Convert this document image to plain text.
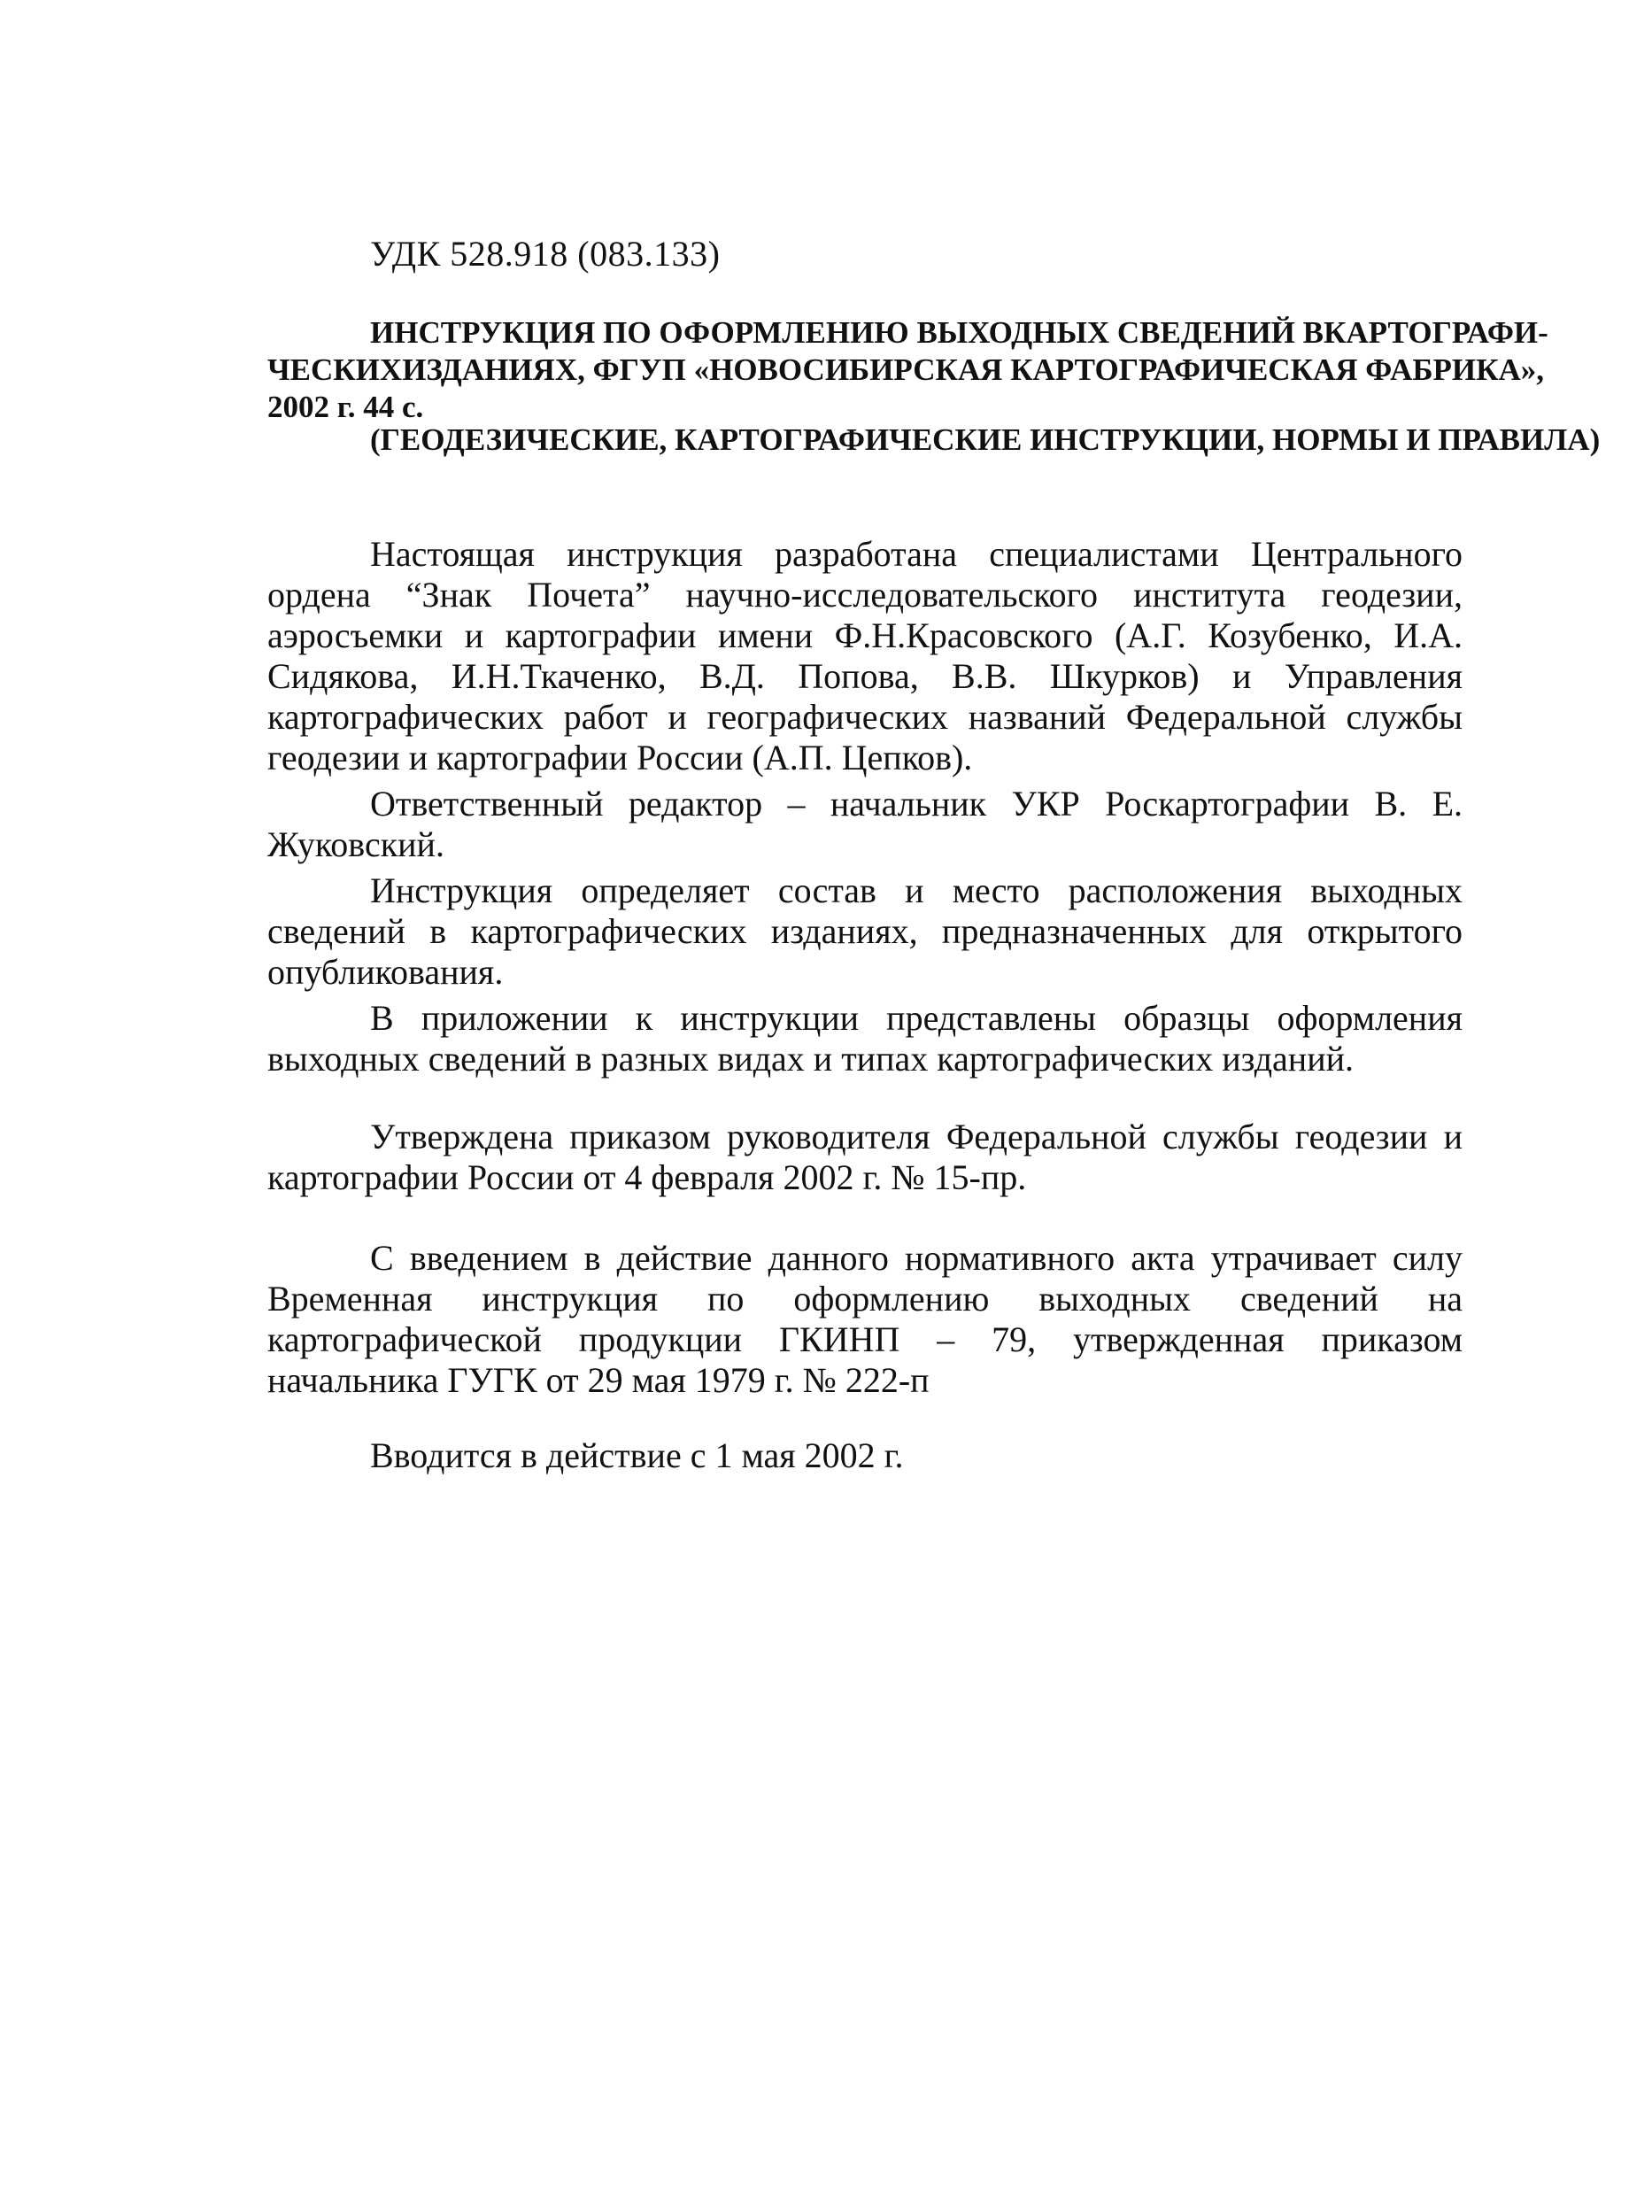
УДК 528.918 (083.133)
ИНСТРУКЦИЯ ПО ОФОРМЛЕНИЮ ВЫХОДНЫХ СВЕДЕНИЙ В КАРТОГРАФИ-
ЧЕСКИХ ИЗДАНИЯХ, ФГУП «НОВОСИБИРСКАЯ КАРТОГРАФИЧЕСКАЯ ФАБРИКА»,
2002 г. 44 с.
(ГЕОДЕЗИЧЕСКИЕ, КАРТОГРАФИЧЕСКИЕ ИНСТРУКЦИИ, НОРМЫ И ПРАВИЛА)

Настоящая инструкция разработана специалистами Центрального ордена “Знак Почета” научно-исследовательского института геодезии, аэросъемки и картографии имени Ф.Н.Красовского (А.Г. Козубенко, И.А. Сидякова, И.Н.Ткаченко, В.Д. Попова, В.В. Шкурков) и Управления картографических работ и географических названий Федеральной службы геодезии и картографии России (А.П. Цепков).

Ответственный редактор – начальник УКР Роскартографии В. Е. Жуковский.

Инструкция определяет состав и место расположения выходных сведений в картографических изданиях, предназначенных для открытого опубликования.

В приложении к инструкции представлены образцы оформления выходных сведений в разных видах и типах картографических изданий.

Утверждена приказом руководителя Федеральной службы геодезии и картографии России от 4 февраля 2002 г. № 15-пр.

С введением в действие данного нормативного акта утрачивает силу Временная инструкция по оформлению выходных сведений на картографической продукции ГКИНП – 79, утвержденная приказом начальника ГУГК от 29 мая 1979 г. № 222-п

Вводится в действие с 1 мая 2002 г.
